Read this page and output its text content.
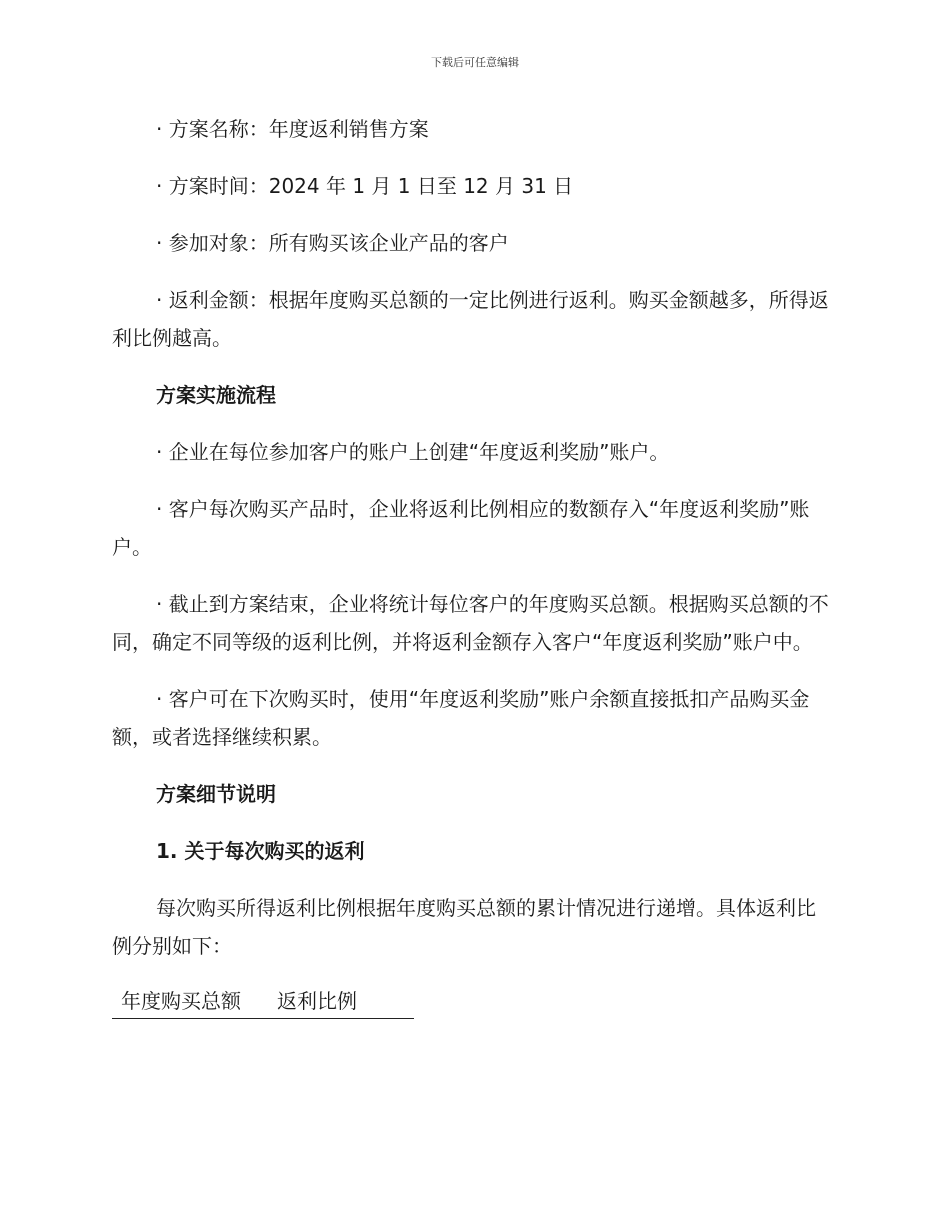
下载后可任意编辑

· 方案名称：年度返利销售方案

· 方案时间：2024 年 1 月 1 日至 12 月 31 日

· 参加对象：所有购买该企业产品的客户

· 返利金额：根据年度购买总额的一定比例进行返利。购买金额越多，所得返利比例越高。

方案实施流程

· 企业在每位参加客户的账户上创建“年度返利奖励”账户。

· 客户每次购买产品时，企业将返利比例相应的数额存入“年度返利奖励”账户。

· 截止到方案结束，企业将统计每位客户的年度购买总额。根据购买总额的不同，确定不同等级的返利比例，并将返利金额存入客户“年度返利奖励”账户中。

· 客户可在下次购买时，使用“年度返利奖励”账户余额直接抵扣产品购买金额，或者选择继续积累。

方案细节说明

1. 关于每次购买的返利

每次购买所得返利比例根据年度购买总额的累计情况进行递增。具体返利比例分别如下：

年度购买总额	返利比例
